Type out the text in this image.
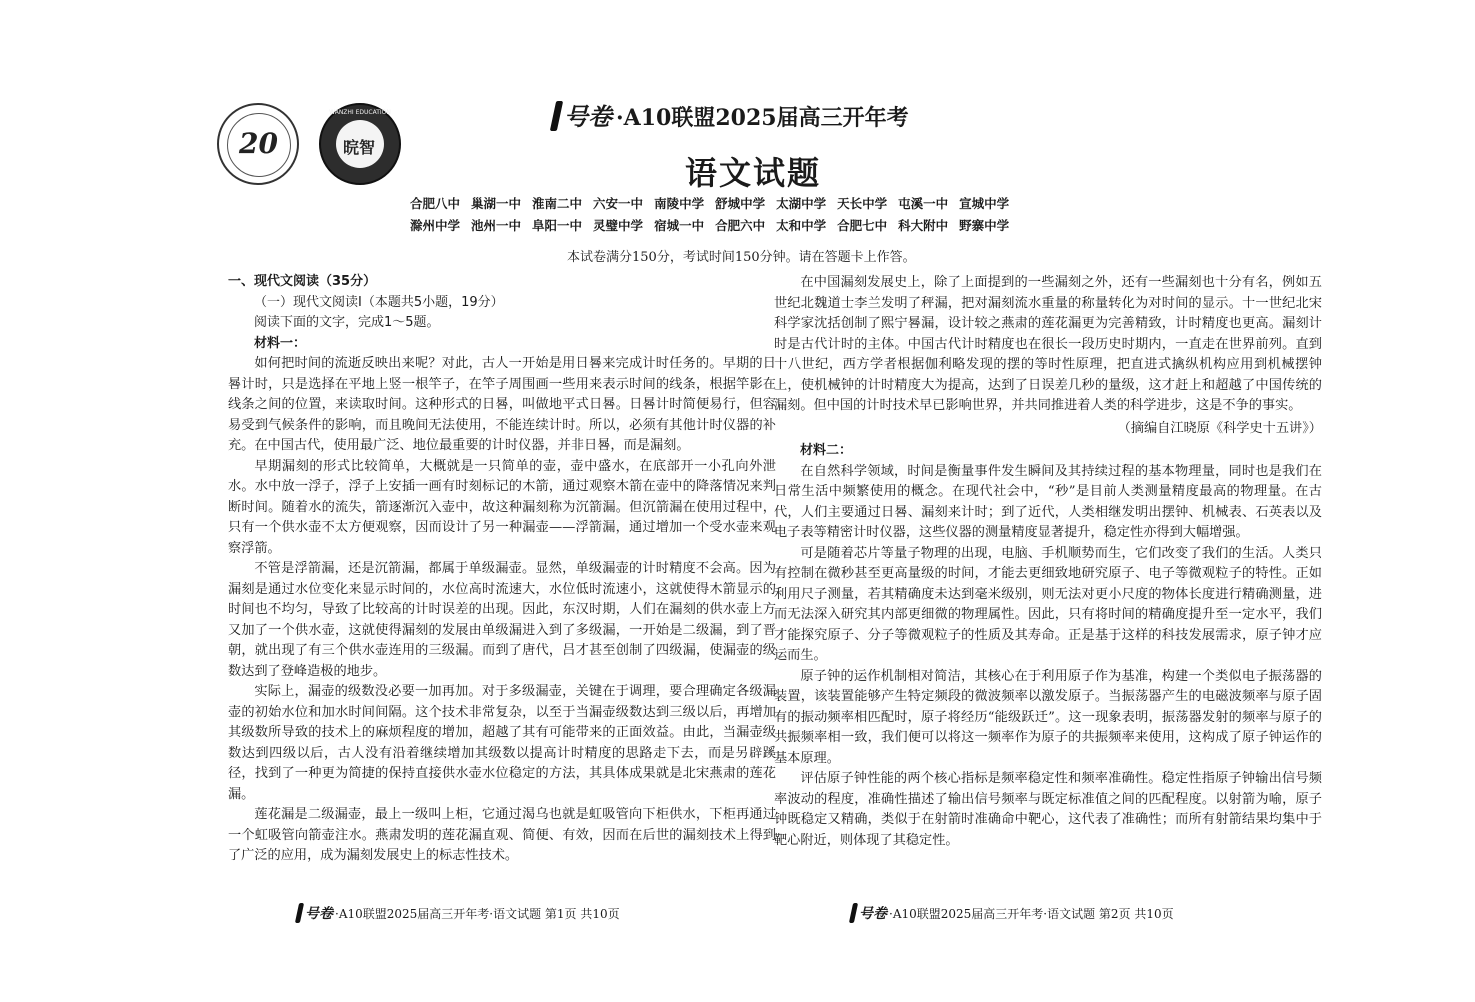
20
WANZHI EDUCATION
晥智
号卷 ·A10联盟2025届高三开年考
语文试题
合肥八中 巢湖一中 淮南二中 六安一中 南陵中学 舒城中学 太湖中学 天长中学 屯溪一中 宣城中学
滁州中学 池州一中 阜阳一中 灵璧中学 宿城一中 合肥六中 太和中学 合肥七中 科大附中 野寨中学
本试卷满分150分，考试时间150分钟。请在答题卡上作答。

一、现代文阅读（35分）

（一）现代文阅读Ⅰ（本题共5小题，19分）

阅读下面的文字，完成1～5题。

材料一：

如何把时间的流逝反映出来呢？对此，古人一开始是用日晷来完成计时任务的。早期的日晷计时，只是选择在平地上竖一根竿子，在竿子周围画一些用来表示时间的线条，根据竿影在线条之间的位置，来读取时间。这种形式的日晷，叫做地平式日晷。日晷计时简便易行，但容易受到气候条件的影响，而且晚间无法使用，不能连续计时。所以，必须有其他计时仪器的补充。在中国古代，使用最广泛、地位最重要的计时仪器，并非日晷，而是漏刻。

早期漏刻的形式比较简单，大概就是一只简单的壶，壶中盛水，在底部开一小孔向外泄水。水中放一浮子，浮子上安插一画有时刻标记的木箭，通过观察木箭在壶中的降落情况来判断时间。随着水的流失，箭逐渐沉入壶中，故这种漏刻称为沉箭漏。但沉箭漏在使用过程中，只有一个供水壶不太方便观察，因而设计了另一种漏壶——浮箭漏，通过增加一个受水壶来观察浮箭。

不管是浮箭漏，还是沉箭漏，都属于单级漏壶。显然，单级漏壶的计时精度不会高。因为漏刻是通过水位变化来显示时间的，水位高时流速大，水位低时流速小，这就使得木箭显示的时间也不均匀，导致了比较高的计时误差的出现。因此，东汉时期，人们在漏刻的供水壶上方又加了一个供水壶，这就使得漏刻的发展由单级漏进入到了多级漏，一开始是二级漏，到了晋朝，就出现了有三个供水壶连用的三级漏。而到了唐代，吕才甚至创制了四级漏，使漏壶的级数达到了登峰造极的地步。

实际上，漏壶的级数没必要一加再加。对于多级漏壶，关键在于调理，要合理确定各级漏壶的初始水位和加水时间间隔。这个技术非常复杂，以至于当漏壶级数达到三级以后，再增加其级数所导致的技术上的麻烦程度的增加，超越了其有可能带来的正面效益。由此，当漏壶级数达到四级以后，古人没有沿着继续增加其级数以提高计时精度的思路走下去，而是另辟蹊径，找到了一种更为简捷的保持直接供水壶水位稳定的方法，其具体成果就是北宋燕肃的莲花漏。

莲花漏是二级漏壶，最上一级叫上柜，它通过渴乌也就是虹吸管向下柜供水，下柜再通过一个虹吸管向箭壶注水。燕肃发明的莲花漏直观、简便、有效，因而在后世的漏刻技术上得到了广泛的应用，成为漏刻发展史上的标志性技术。

在中国漏刻发展史上，除了上面提到的一些漏刻之外，还有一些漏刻也十分有名，例如五世纪北魏道士李兰发明了秤漏，把对漏刻流水重量的称量转化为对时间的显示。十一世纪北宋科学家沈括创制了熙宁晷漏，设计较之燕肃的莲花漏更为完善精致，计时精度也更高。漏刻计时是古代计时的主体。中国古代计时精度也在很长一段历史时期内，一直走在世界前列。直到十八世纪，西方学者根据伽利略发现的摆的等时性原理，把直进式擒纵机构应用到机械摆钟上，使机械钟的计时精度大为提高，达到了日误差几秒的量级，这才赶上和超越了中国传统的漏刻。但中国的计时技术早已影响世界，并共同推进着人类的科学进步，这是不争的事实。

（摘编自江晓原《科学史十五讲》）

材料二：

在自然科学领域，时间是衡量事件发生瞬间及其持续过程的基本物理量，同时也是我们在日常生活中频繁使用的概念。在现代社会中，“秒”是目前人类测量精度最高的物理量。在古代，人们主要通过日晷、漏刻来计时；到了近代，人类相继发明出摆钟、机械表、石英表以及电子表等精密计时仪器，这些仪器的测量精度显著提升，稳定性亦得到大幅增强。

可是随着芯片等量子物理的出现，电脑、手机顺势而生，它们改变了我们的生活。人类只有控制在微秒甚至更高量级的时间，才能去更细致地研究原子、电子等微观粒子的特性。正如利用尺子测量，若其精确度未达到毫米级别，则无法对更小尺度的物体长度进行精确测量，进而无法深入研究其内部更细微的物理属性。因此，只有将时间的精确度提升至一定水平，我们才能探究原子、分子等微观粒子的性质及其寿命。正是基于这样的科技发展需求，原子钟才应运而生。

原子钟的运作机制相对简洁，其核心在于利用原子作为基准，构建一个类似电子振荡器的装置，该装置能够产生特定频段的微波频率以激发原子。当振荡器产生的电磁波频率与原子固有的振动频率相匹配时，原子将经历“能级跃迁”。这一现象表明，振荡器发射的频率与原子的共振频率相一致，我们便可以将这一频率作为原子的共振频率来使用，这构成了原子钟运作的基本原理。

评估原子钟性能的两个核心指标是频率稳定性和频率准确性。稳定性指原子钟输出信号频率波动的程度，准确性描述了输出信号频率与既定标准值之间的匹配程度。以射箭为喻，原子钟既稳定又精确，类似于在射箭时准确命中靶心，这代表了准确性；而所有射箭结果均集中于靶心附近，则体现了其稳定性。

号卷 ·A10联盟2025届高三开年考·语文试题 第1页 共10页	号卷 ·A10联盟2025届高三开年考·语文试题 第2页 共10页
